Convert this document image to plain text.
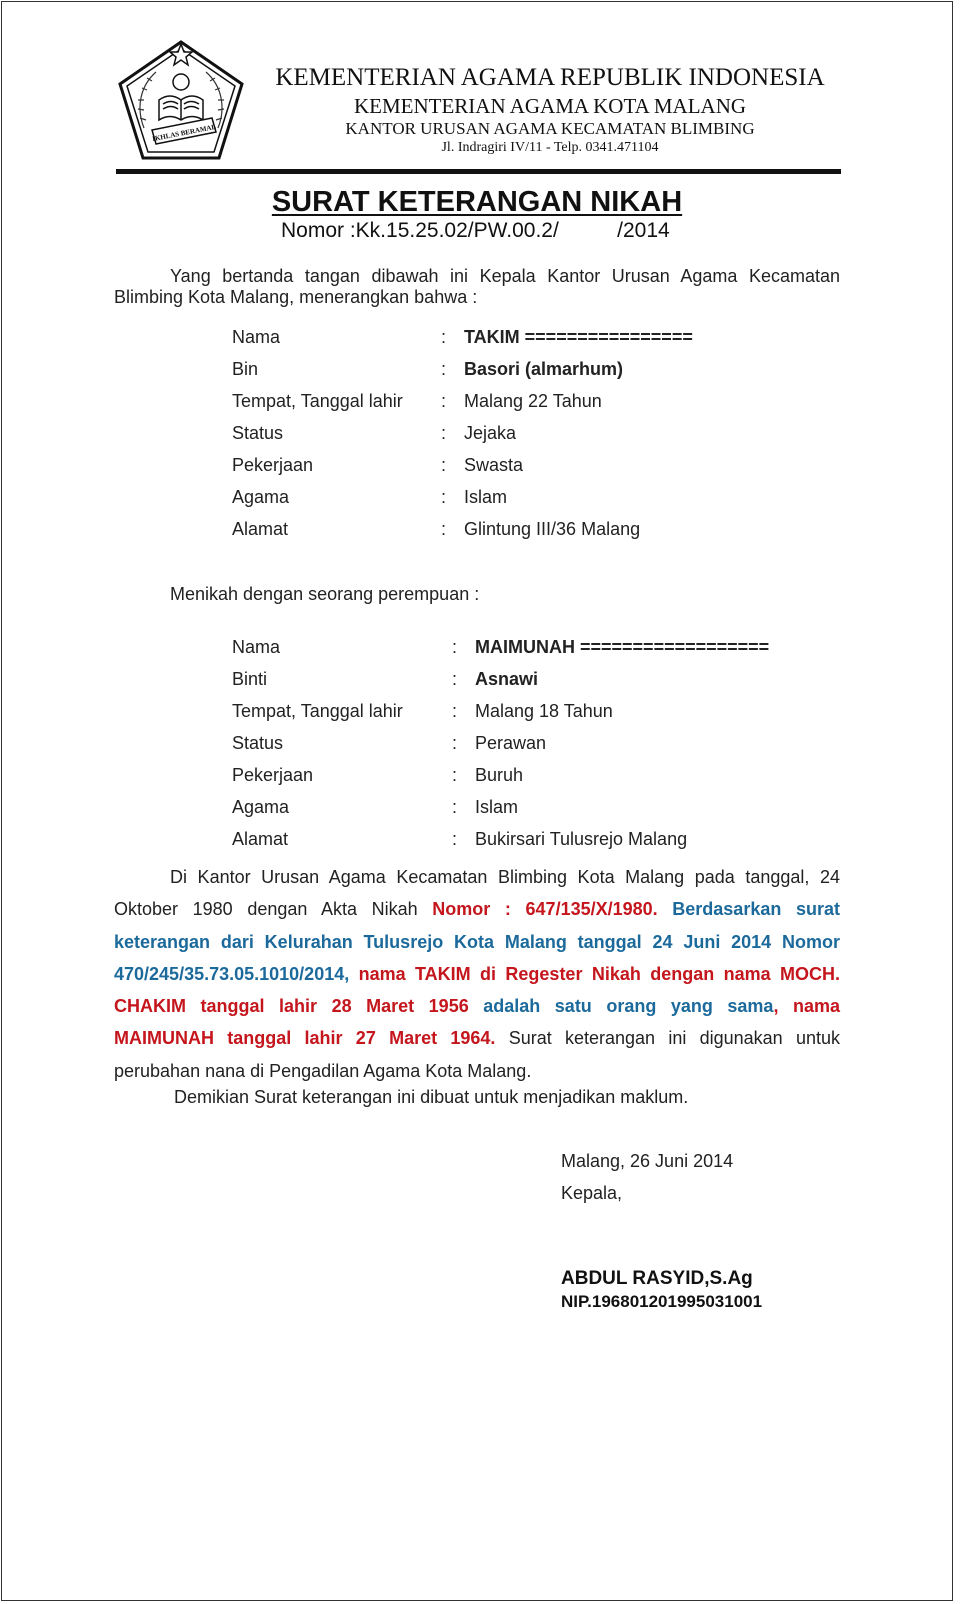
IKHLAS BERAMAL
KEMENTERIAN AGAMA REPUBLIK INDONESIA
KEMENTERIAN AGAMA KOTA MALANG
KANTOR URUSAN AGAMA KECAMATAN BLIMBING
Jl. Indragiri IV/11 - Telp. 0341.471104
SURAT KETERANGAN NIKAH
Nomor :Kk.15.25.02/PW.00.2/          /2014
Yang bertanda tangan dibawah ini Kepala Kantor Urusan Agama Kecamatan Blimbing Kota Malang, menerangkan bahwa :
Nama	: TAKIM ================
Bin	: Basori (almarhum)
Tempat, Tanggal lahir : Malang 22 Tahun
Status	: Jejaka
Pekerjaan	: Swasta
Agama	: Islam
Alamat	: Glintung III/36 Malang
Menikah dengan seorang perempuan :
Nama	: MAIMUNAH ==================
Binti	: Asnawi
Tempat, Tanggal lahir	: Malang 18 Tahun
Status	: Perawan
Pekerjaan	: Buruh
Agama	: Islam
Alamat	: Bukirsari Tulusrejo Malang
Di Kantor Urusan Agama Kecamatan Blimbing Kota Malang pada tanggal, 24 Oktober 1980 dengan Akta Nikah Nomor : 647/135/X/1980. Berdasarkan surat keterangan dari Kelurahan Tulusrejo Kota Malang tanggal 24 Juni 2014 Nomor 470/245/35.73.05.1010/2014, nama TAKIM di Regester Nikah dengan nama MOCH. CHAKIM tanggal lahir 28 Maret 1956 adalah satu orang yang sama, nama MAIMUNAH tanggal lahir 27 Maret 1964. Surat keterangan ini digunakan untuk perubahan nana di Pengadilan Agama Kota Malang.
Demikian Surat keterangan ini dibuat untuk menjadikan maklum.
Malang, 26 Juni 2014
Kepala,
ABDUL RASYID,S.Ag
NIP.196801201995031001
